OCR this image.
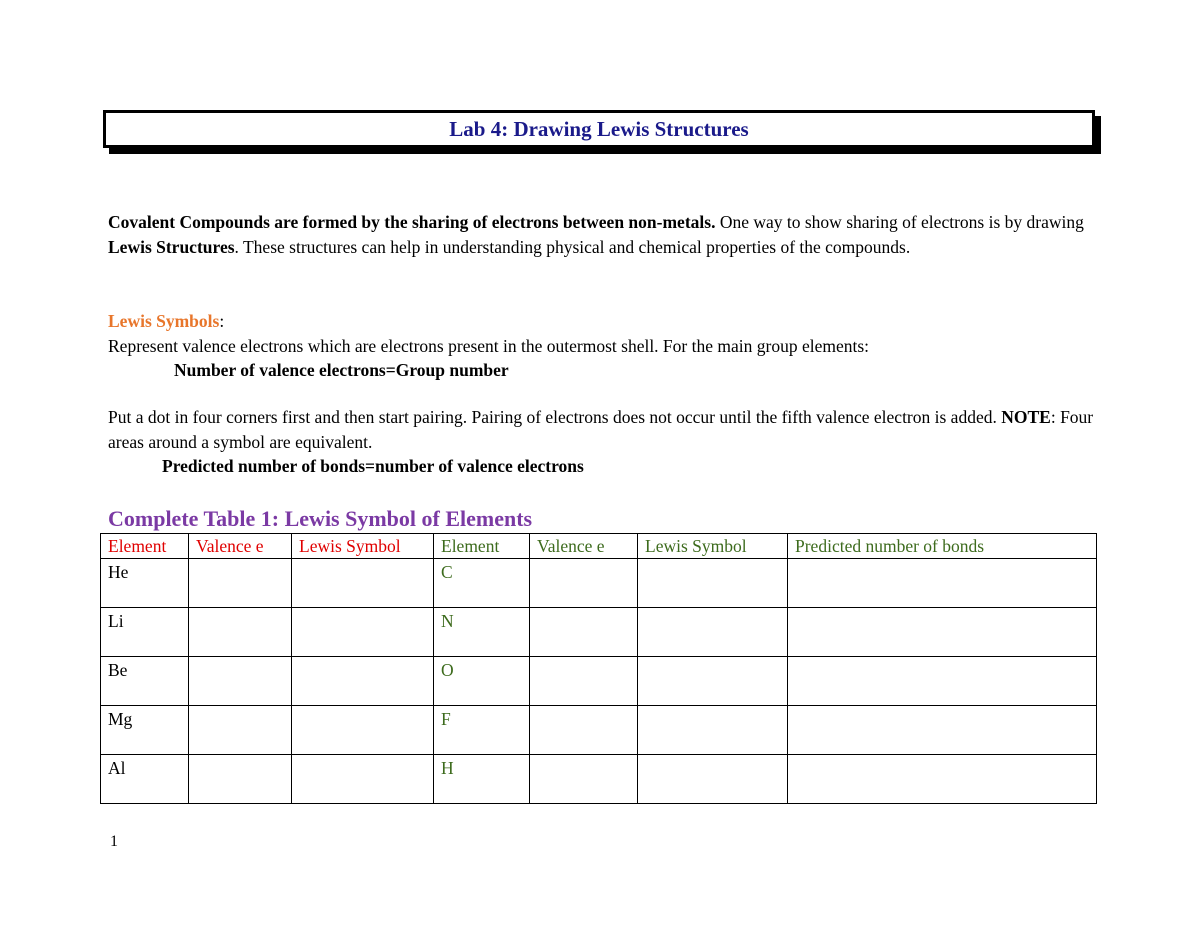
Lab 4: Drawing Lewis Structures
Covalent Compounds are formed by the sharing of electrons between non-metals. One way to show sharing of electrons is by drawing Lewis Structures. These structures can help in understanding physical and chemical properties of the compounds.
Lewis Symbols:
Represent valence electrons which are electrons present in the outermost shell. For the main group elements:
Number of valence electrons=Group number
Put a dot in four corners first and then start pairing. Pairing of electrons does not occur until the fifth valence electron is added. NOTE: Four areas around a symbol are equivalent.
Predicted number of bonds=number of valence electrons
Complete Table 1: Lewis Symbol of Elements
Element	Valence e	Lewis Symbol	Element	Valence e	Lewis Symbol	Predicted number of bonds
He			C			
Li			N			
Be			O			
Mg			F			
Al			H			
1
